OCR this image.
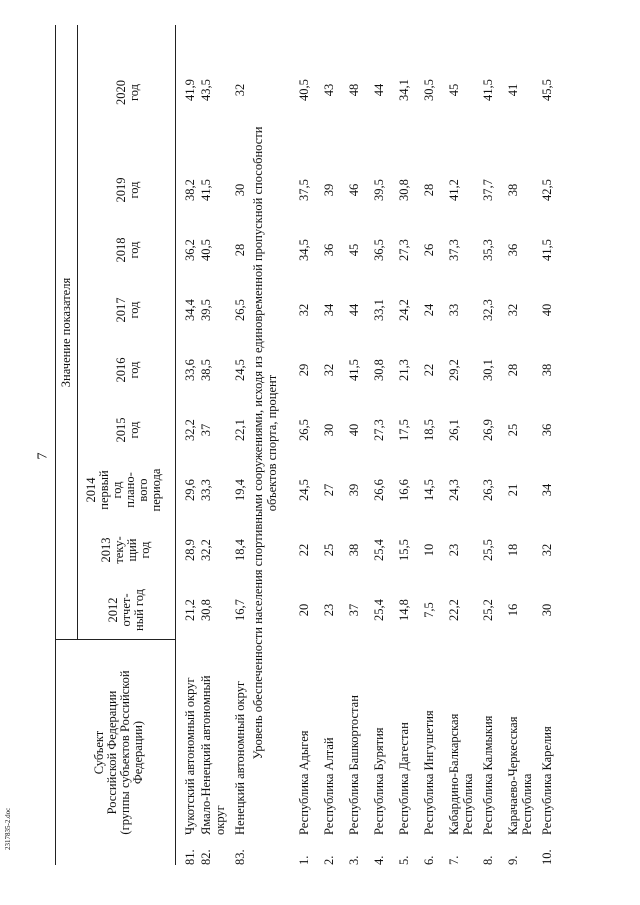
7
2317835-2.doc
Субъект Российской Федерации (группы субъектов Российской Федерации)
Значение показателя
2012 отчет- ный год
2013 теку- щий год
2014 первый год плано- вого периода
2015 год
2016 год
2017 год
2018 год
2019 год
2020 год
81.
Чукотский автономный округ
21,2
28,9
29,6
32,2
33,6
34,4
36,2
38,2
41,9
82.
Ямало-Ненецкий автономный округ
30,8
32,2
33,3
37
38,5
39,5
40,5
41,5
43,5
83.
Ненецкий автономный округ
16,7
18,4
19,4
22,1
24,5
26,5
28
30
32
Уровень обеспеченности населения спортивными сооружениями, исходя из единовременной пропускной способности объектов спорта, процент
1.
Республика Адыгея
20
22
24,5
26,5
29
32
34,5
37,5
40,5
2.
Республика Алтай
23
25
27
30
32
34
36
39
43
3.
Республика Башкортостан
37
38
39
40
41,5
44
45
46
48
4.
Республика Бурятия
25,4
25,4
26,6
27,3
30,8
33,1
36,5
39,5
44
5.
Республика Дагестан
14,8
15,5
16,6
17,5
21,3
24,2
27,3
30,8
34,1
6.
Республика Ингушетия
7,5
10
14,5
18,5
22
24
26
28
30,5
7.
Кабардино-Балкарская Республика
22,2
23
24,3
26,1
29,2
33
37,3
41,2
45
8.
Республика Калмыкия
25,2
25,5
26,3
26,9
30,1
32,3
35,3
37,7
41,5
9.
Карачаево-Черкесская Республика
16
18
21
25
28
32
36
38
41
10.
Республика Карелия
30
32
34
36
38
40
41,5
42,5
45,5
